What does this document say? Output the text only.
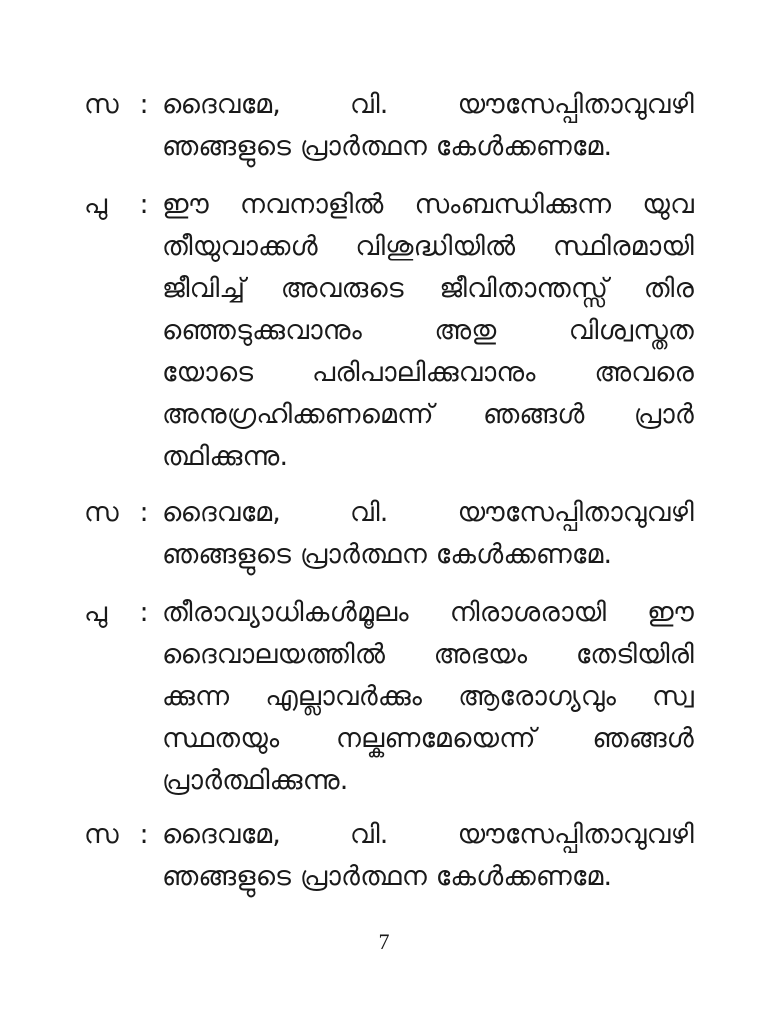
സ : ദൈവമേ, വി. യൗസേപ്പിതാവുവഴി
ഞങ്ങളുടെ പ്രാർത്ഥന കേൾക്കണമേ.
പു	: ഈ നവനാളിൽ സംബന്ധിക്കുന്ന യുവ
തീയുവാക്കൾ വിശുദ്ധിയിൽ സ്ഥിരമായി
ജീവിച്ച് അവരുടെ ജീവിതാന്തസ്സ് തിര
ഞ്ഞെടുക്കുവാനും അതു വിശ്വസ്തത
യോടെ പരിപാലിക്കുവാനും അവരെ
അനുഗ്രഹിക്കണമെന്ന് ഞങ്ങൾ പ്രാർ
ത്ഥിക്കുന്നു.
സ : ദൈവമേ, വി. യൗസേപ്പിതാവുവഴി
ഞങ്ങളുടെ പ്രാർത്ഥന കേൾക്കണമേ.
പു	: തീരാവ്യാധികൾമൂലം നിരാശരായി ഈ
ദൈവാലയത്തിൽ അഭയം തേടിയിരി
ക്കുന്ന എല്ലാവർക്കും ആരോഗ്യവും സ്വ
സ്ഥതയും നല്കണമേയെന്ന് ഞങ്ങൾ
പ്രാർത്ഥിക്കുന്നു.
സ : ദൈവമേ, വി. യൗസേപ്പിതാവുവഴി
ഞങ്ങളുടെ പ്രാർത്ഥന കേൾക്കണമേ.
7
